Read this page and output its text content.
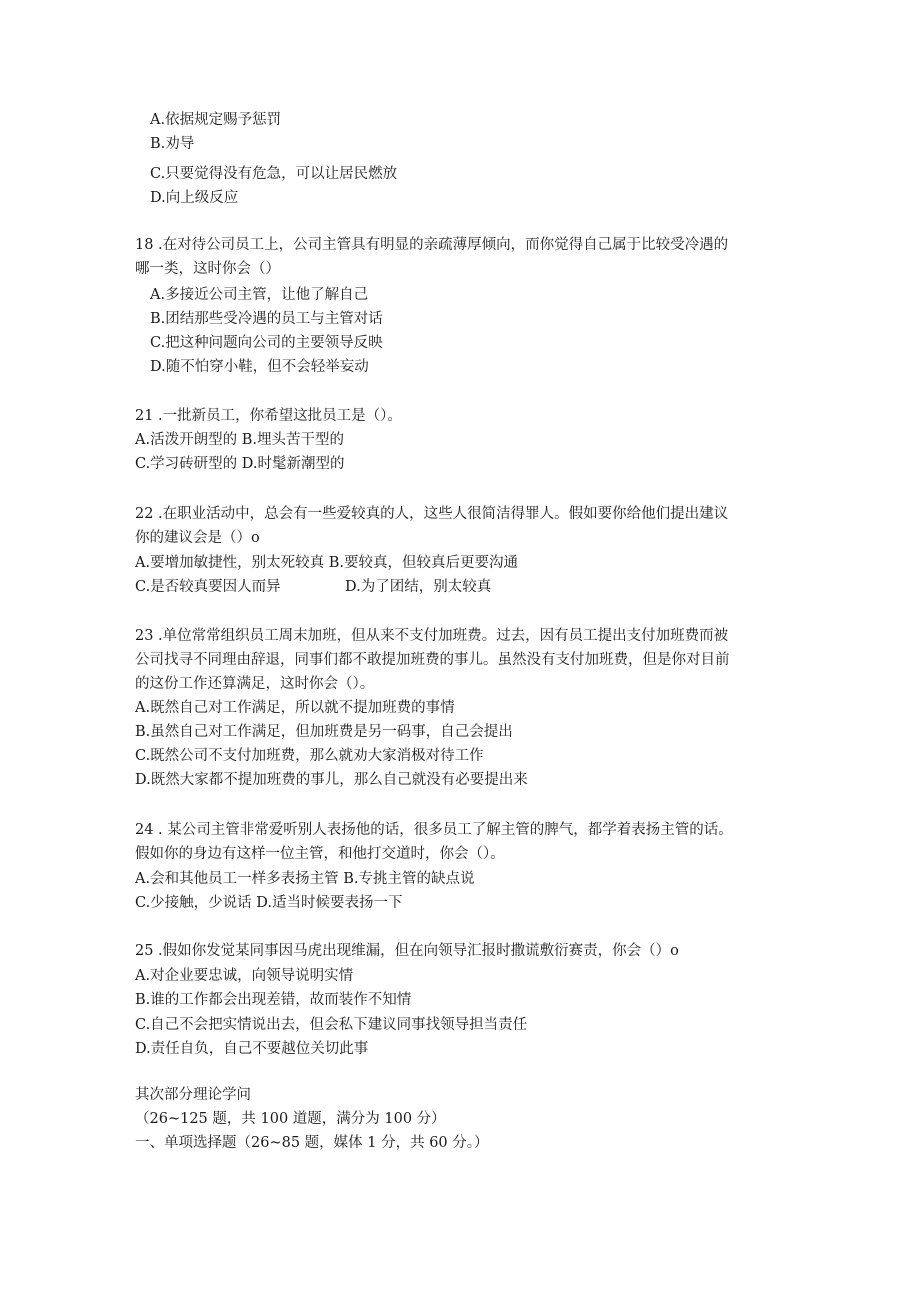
A.依据规定赐予惩罚
B.劝导
C.只要觉得没有危急，可以让居民燃放
D.向上级反应
18 .在对待公司员工上，公司主管具有明显的亲疏薄厚倾向，而你觉得自己属于比较受冷遇的
哪一类，这时你会（）
A.多接近公司主管，让他了解自己
B.团结那些受冷遇的员工与主管对话
C.把这种问题向公司的主要领导反映
D.随不怕穿小鞋，但不会轻举妄动
21 .一批新员工，你希望这批员工是（）。
A.活泼开朗型的 B.埋头苦干型的
C.学习砖研型的 D.时髦新潮型的
22 .在职业活动中，总会有一些爱较真的人，这些人很简洁得罪人。假如要你给他们提出建议
你的建议会是（）o
A.要增加敏捷性，别太死较真 B.要较真，但较真后更要沟通
C.是否较真要因人而异	D.为了团结，别太较真
23 .单位常常组织员工周末加班，但从来不支付加班费。过去，因有员工提出支付加班费而被
公司找寻不同理由辞退，同事们都不敢提加班费的事儿。虽然没有支付加班费，但是你对目前
的这份工作还算满足，这时你会（）。
A.既然自己对工作满足，所以就不提加班费的事情
B.虽然自己对工作满足，但加班费是另一码事，自己会提出
C.既然公司不支付加班费，那么就劝大家消极对待工作
D.既然大家都不提加班费的事儿，那么自己就没有必要提出来
24 . 某公司主管非常爱听别人表扬他的话，很多员工了解主管的脾气，都学着表扬主管的话。
假如你的身边有这样一位主管，和他打交道时，你会（）。
A.会和其他员工一样多表扬主管 B.专挑主管的缺点说
C.少接触，少说话 D.适当时候要表扬一下
25 .假如你发觉某同事因马虎出现维漏，但在向领导汇报时撒谎敷衍赛责，你会（）o
A.对企业要忠诚，向领导说明实情
B.谁的工作都会出现差错，故而装作不知情
C.自己不会把实情说出去，但会私下建议同事找领导担当责任
D.责任自负，自己不要越位关切此事
其次部分理论学问
（26~125 题，共 100 道题，满分为 100 分）
一、单项选择题（26~85 题，媒体 1 分，共 60 分。）
